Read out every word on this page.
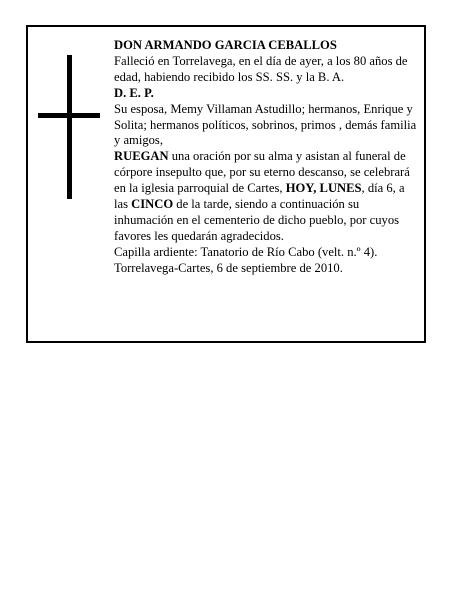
DON ARMANDO GARCIA CEBALLOS

Falleció en Torrelavega, en el día de ayer, a los 80 años de edad, habiendo recibido los SS. SS. y la B. A.

D. E. P.

Su esposa, Memy Villaman Astudillo; hermanos, Enrique y Solita; hermanos políticos, sobrinos, primos , demás familia y amigos,

RUEGAN una oración por su alma y asistan al funeral de córpore insepulto que, por su eterno descanso, se celebrará en la iglesia parroquial de Cartes, HOY, LUNES, día 6, a las CINCO de la tarde, siendo a continuación su inhumación en el cementerio de dicho pueblo, por cuyos favores les quedarán agradecidos.

Capilla ardiente: Tanatorio de Río Cabo (velt. n.º 4).

Torrelavega-Cartes, 6 de septiembre de 2010.
